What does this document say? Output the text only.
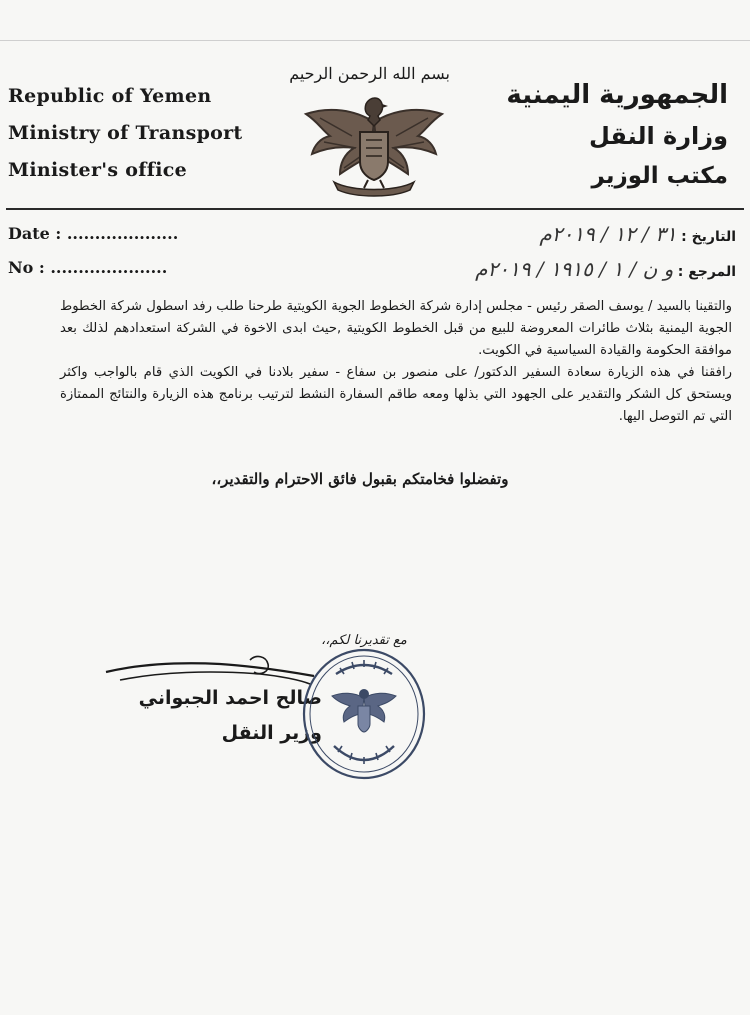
Republic of Yemen
Ministry of Transport
Minister's office
بسم الله الرحمن الرحيم
الجمهورية اليمنية
وزارة النقل
مكتب الوزير
Date : ....................
No : .....................
التاريخ : ٣١ / ١٢ / ٢٠١٩م
المرجع : و ن / ١ / ١٩١٥ / ٢٠١٩م

والتقينا بالسيد / يوسف الصقر رئيس - مجلس إدارة شركة الخطوط الجوية الكويتية طرحنا طلب رفد اسطول شركة الخطوط الجوية اليمنية بثلاث طائرات المعروضة للبيع من قبل الخطوط الكويتية ,حيث ابدى الاخوة في الشركة استعدادهم لذلك بعد موافقة الحكومة والقيادة السياسية في الكويت.

رافقنا في هذه الزيارة سعادة السفير الدكتور/ على منصور بن سفاع - سفير بلادنا في الكويت الذي قام بالواجب واكثر ويستحق كل الشكر والتقدير على الجهود التي بذلها ومعه طاقم السفارة النشط لترتيب برنامج هذه الزيارة والنتائج الممتازة التي تم التوصل اليها.

وتفضلوا فخامتكم بقبول فائق الاحترام والتقدير،،
مع تقديرنا لكم،،
صالح احمد الجبواني
وزير النقل
